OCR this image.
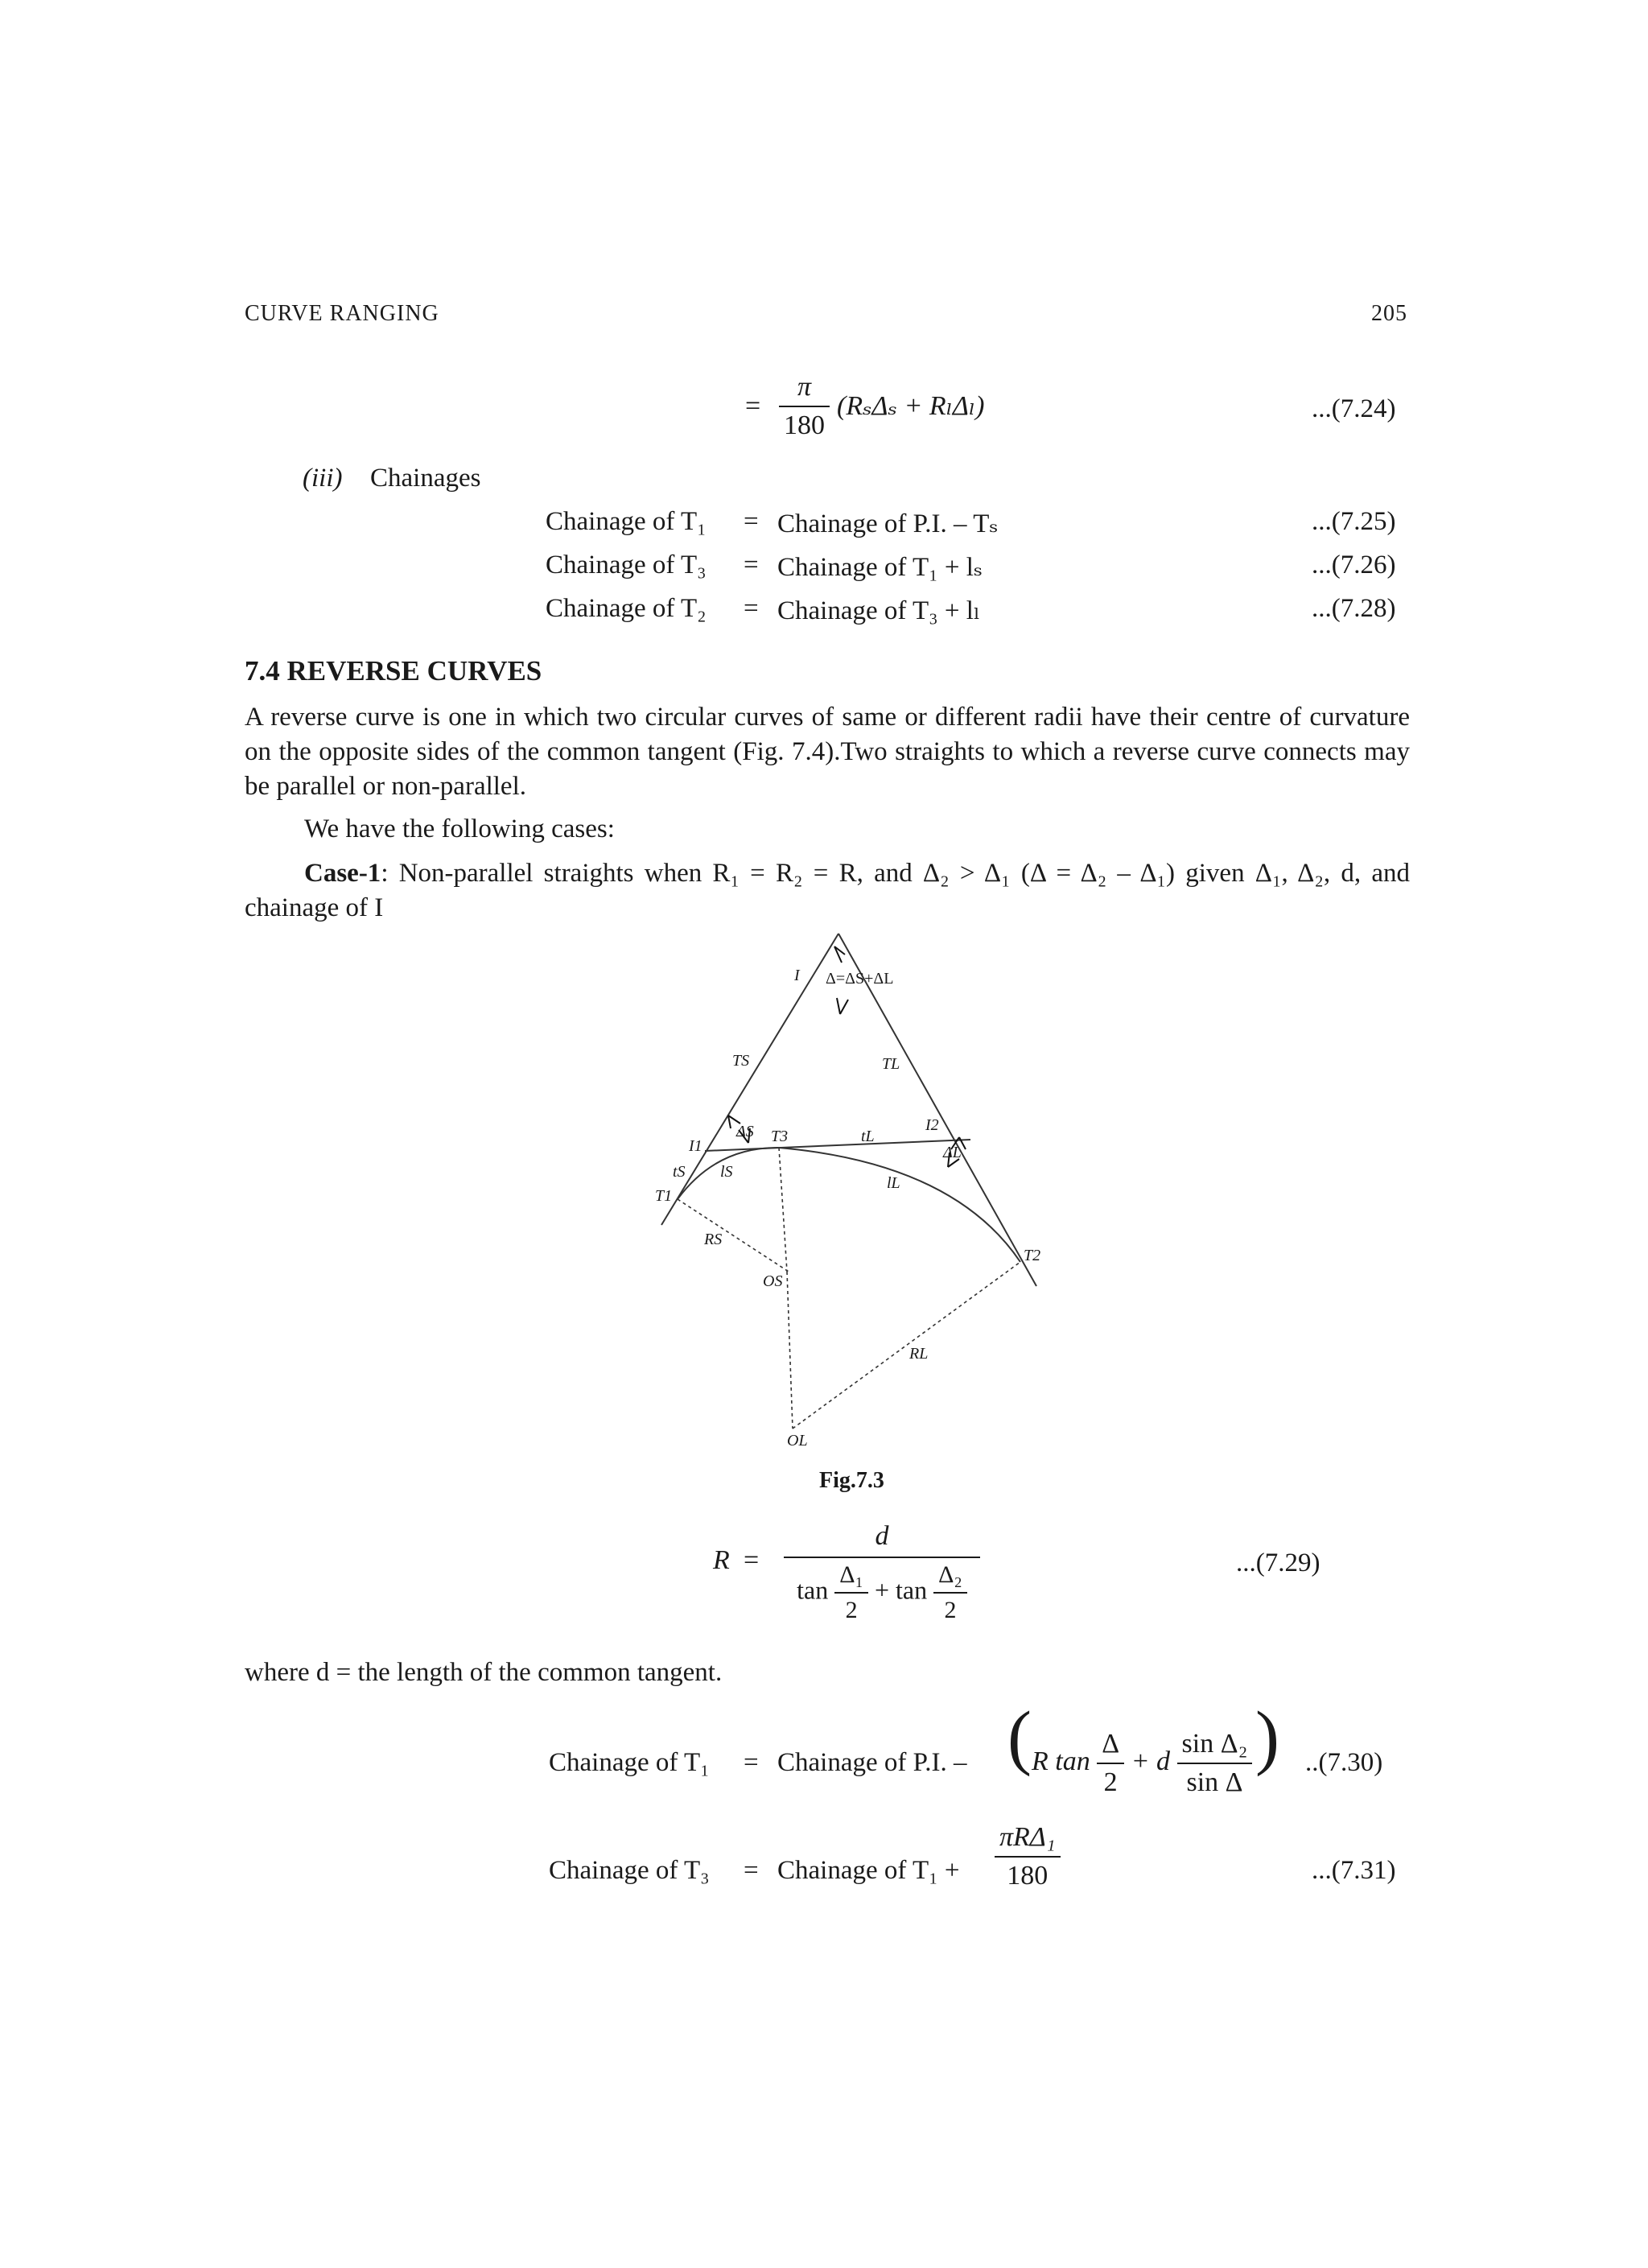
CURVE RANGING	205
= $\frac{\pi}{180} (R_s\Delta_s + R_l\Delta_l)$	...(7.24)
(iii) Chainages
Chainage of T₁ = Chainage of P.I. – Tₛ	...(7.25)
Chainage of T₃ = Chainage of T₁ + lₛ	...(7.26)
Chainage of T₂ = Chainage of T₃ + lₗ	...(7.28)
7.4 REVERSE CURVES
A reverse curve is one in which two circular curves of same or different radii have their centre of curvature on the opposite sides of the common tangent (Fig. 7.4).Two straights to which a reverse curve connects may be parallel or non-parallel.
We have the following cases:
Case-1: Non-parallel straights when R₁ = R₂ = R, and Δ₂ > Δ₁ (Δ = Δ₂ – Δ₁) given Δ₁, Δ₂, d, and chainage of I
I Δ=ΔS+ΔL
TS	TL
I1
I2
ΔS T3	tL
ΔL
tS lS
lL
T1
T2
RS
OS
RL
OL
Fig.7.3
$R = \frac{d}{\tan \frac{\text{Δ₁}}{2} + \tan \frac{\text{Δ₂}}{2}}$	...(7.29)
where d = the length of the common tangent.
Chainage of T₁ = Chainage of P.I. – ( R $\tan \frac{\Delta}{2} + d \frac{\text{sin Δ₂}}{\text{sin Δ}}$ ) ..(7.30)
Chainage of T₃ = Chainage of $T_1 + \frac{\text{πRΔ₁}}{180}$	...(7.31)
